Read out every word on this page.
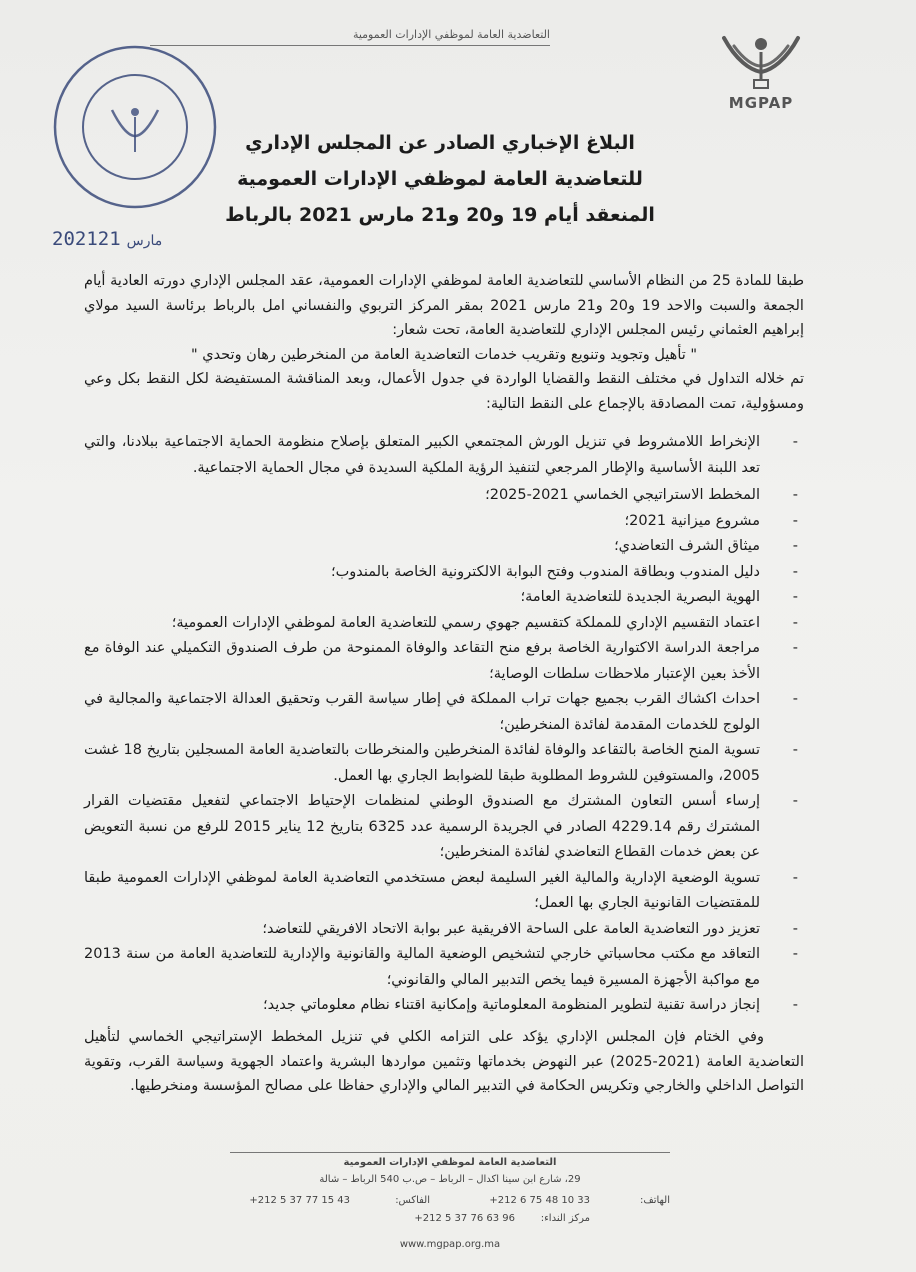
التعاضدية العامة لموظفي الإدارات العمومية
MGPAP
البلاغ الإخباري الصادر عن المجلس الإداري
للتعاضدية العامة لموظفي الإدارات العمومية
المنعقد أيام 19 و20 و21 مارس 2021 بالرباط
2021 مارس21

طبقا للمادة 25 من النظام الأساسي للتعاضدية العامة لموظفي الإدارات العمومية، عقد المجلس الإداري دورته العادية أيام الجمعة والسبت والاحد 19 و20 و21 مارس 2021 بمقر المركز التربوي والنفساني امل بالرباط برئاسة السيد مولاي إبراهيم العثماني رئيس المجلس الإداري للتعاضدية العامة، تحت شعار:

" تأهيل وتجويد وتنويع وتقريب خدمات التعاضدية العامة من المنخرطين رهان وتحدي "

تم خلاله التداول في مختلف النقط والقضايا الواردة في جدول الأعمال، وبعد المناقشة المستفيضة لكل النقط بكل وعي ومسؤولية، تمت المصادقة بالإجماع على النقط التالية:

- الإنخراط اللامشروط في تنزيل الورش المجتمعي الكبير المتعلق بإصلاح منظومة الحماية الاجتماعية ببلادنا، والتي تعد اللبنة الأساسية والإطار المرجعي لتنفيذ الرؤية الملكية السديدة في مجال الحماية الاجتماعية.
- المخطط الاستراتيجي الخماسي 2021-2025؛
- مشروع ميزانية 2021؛
- ميثاق الشرف التعاضدي؛
- دليل المندوب وبطاقة المندوب وفتح البوابة الالكترونية الخاصة بالمندوب؛
- الهوية البصرية الجديدة للتعاضدية العامة؛
- اعتماد التقسيم الإداري للمملكة كتقسيم جهوي رسمي للتعاضدية العامة لموظفي الإدارات العمومية؛
- مراجعة الدراسة الاكتوارية الخاصة برفع منح التقاعد والوفاة الممنوحة من طرف الصندوق التكميلي عند الوفاة مع الأخذ بعين الإعتبار ملاحظات سلطات الوصاية؛
- احداث اكشاك القرب بجميع جهات تراب المملكة في إطار سياسة القرب وتحقيق العدالة الاجتماعية والمجالية في الولوج للخدمات المقدمة لفائدة المنخرطين؛
- تسوية المنح الخاصة بالتقاعد والوفاة لفائدة المنخرطين والمنخرطات بالتعاضدية العامة المسجلين بتاريخ 18 غشت 2005، والمستوفين للشروط المطلوبة طبقا للضوابط الجاري بها العمل.
- إرساء أسس التعاون المشترك مع الصندوق الوطني لمنظمات الإحتياط الاجتماعي لتفعيل مقتضيات القرار المشترك رقم 4229.14 الصادر في الجريدة الرسمية عدد 6325 بتاريخ 12 يناير 2015 للرفع من نسبة التعويض عن بعض خدمات القطاع التعاضدي لفائدة المنخرطين؛
- تسوية الوضعية الإدارية والمالية الغير السليمة لبعض مستخدمي التعاضدية العامة لموظفي الإدارات العمومية طبقا للمقتضيات القانونية الجاري بها العمل؛
- تعزيز دور التعاضدية العامة على الساحة الافريقية عبر بوابة الاتحاد الافريقي للتعاضد؛
- التعاقد مع مكتب محاسباتي خارجي لتشخيص الوضعية المالية والقانونية والإدارية للتعاضدية العامة من سنة 2013 مع مواكبة الأجهزة المسيرة فيما يخص التدبير المالي والقانوني؛
- إنجاز دراسة تقنية لتطوير المنظومة المعلوماتية وإمكانية اقتناء نظام معلوماتي جديد؛

وفي الختام فإن المجلس الإداري يؤكد على التزامه الكلي في تنزيل المخطط الإستراتيجي الخماسي لتأهيل التعاضدية العامة (2021-2025) عبر النهوض بخدماتها وتثمين مواردها البشرية واعتماد الجهوية وسياسة القرب، وتقوية التواصل الداخلي والخارجي وتكريس الحكامة في التدبير المالي والإداري حفاظا على مصالح المؤسسة ومنخرطيها.

التعاضدية العامة لموظفي الإدارات العمومية
29، شارع ابن سينا اكدال – الرباط – ص.ب 540 الرباط – شالة
الهاتف:
+212 6 75 48 10 33
الفاكس:
+212 5 37 77 15 43
مركز النداء:
+212 5 37 76 63 96
www.mgpap.org.ma
